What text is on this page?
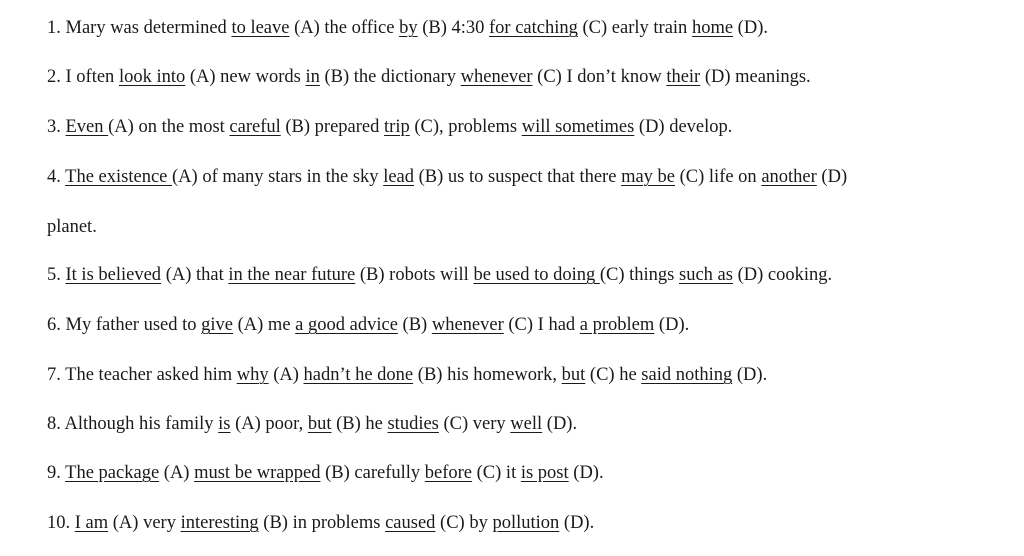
1. Mary was determined to leave (A) the office by (B) 4:30 for catching (C) early train home (D).
2. I often look into (A) new words in (B) the dictionary whenever (C) I don’t know their (D) meanings.
3. Even (A) on the most careful (B) prepared trip (C), problems will sometimes (D) develop.
4. The existence (A) of many stars in the sky lead (B) us to suspect that there may be (C) life on another (D)
planet.
5. It is believed (A) that in the near future (B) robots will be used to doing (C) things such as (D) cooking.
6. My father used to give (A) me a good advice (B) whenever (C) I had a problem (D).
7. The teacher asked him why (A) hadn’t he done (B) his homework, but (C) he said nothing (D).
8. Although his family is (A) poor, but (B) he studies (C) very well (D).
9. The package (A) must be wrapped (B) carefully before (C) it is post (D).
10. I am (A) very interesting (B) in problems caused (C) by pollution (D).
